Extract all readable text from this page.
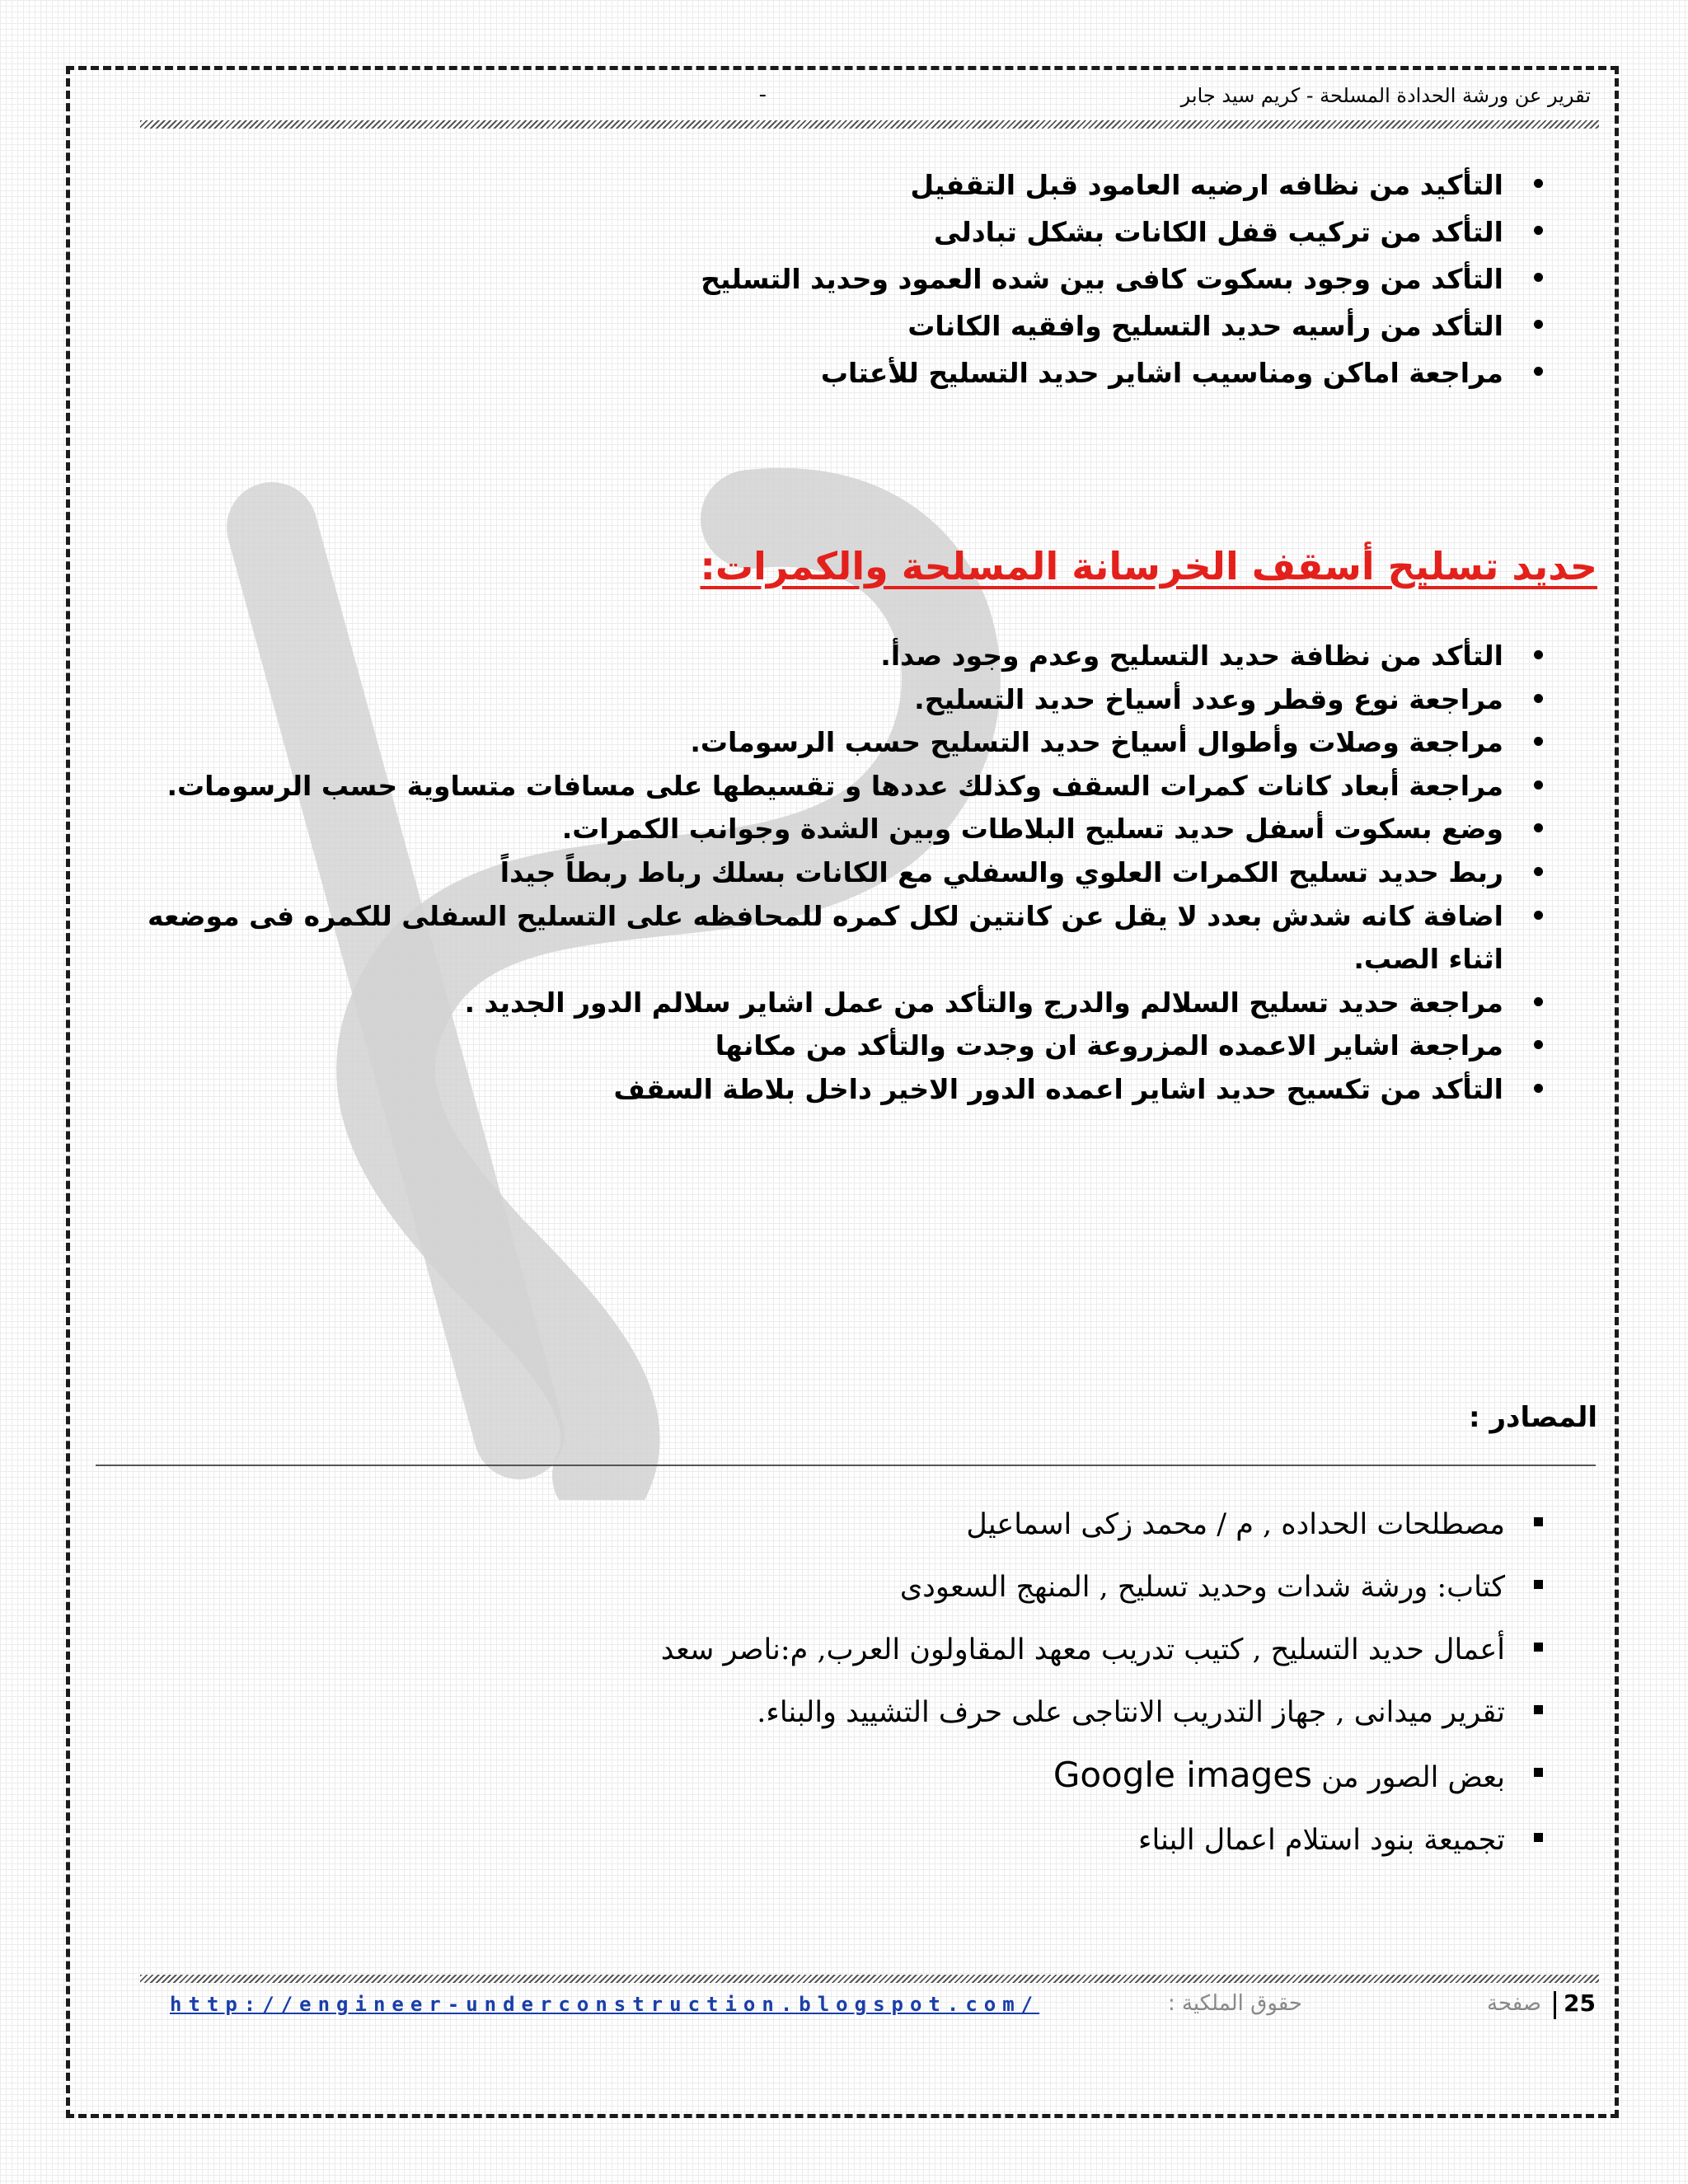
تقرير عن ورشة الحدادة المسلحة - كريم سيد جابر
-
التأكيد من نظافه ارضيه العامود قبل التقفيل
التأكد من تركيب قفل الكانات بشكل تبادلى
التأكد من وجود بسكوت كافى بين شده العمود وحديد التسليح
التأكد من رأسيه حديد التسليح وافقيه الكانات
مراجعة اماكن ومناسيب اشاير حديد التسليح للأعتاب
حديد تسليح أسقف الخرسانة المسلحة والكمرات:
التأكد من نظافة حديد التسليح وعدم وجود صدأ.
مراجعة نوع وقطر وعدد أسياخ حديد التسليح.
مراجعة وصلات وأطوال أسياخ حديد التسليح حسب الرسومات.
مراجعة أبعاد كانات كمرات السقف وكذلك عددها و تقسيطها على مسافات متساوية حسب الرسومات.
وضع بسكوت أسفل حديد تسليح البلاطات وبين الشدة وجوانب الكمرات.
ربط حديد تسليح الكمرات العلوي والسفلي مع الكانات بسلك رباط ربطاً جيداً
اضافة كانه شدش بعدد لا يقل عن كانتين لكل كمره للمحافظه على التسليح السفلى للكمره فى موضعه اثناء الصب.
مراجعة حديد تسليح السلالم والدرج والتأكد من عمل اشاير سلالم الدور الجديد .
مراجعة اشاير الاعمده المزروعة ان وجدت والتأكد من مكانها
التأكد من تكسيح حديد اشاير اعمده الدور الاخير داخل بلاطة السقف
المصادر :
مصطلحات الحداده , م / محمد زكى اسماعيل
كتاب: ورشة شدات وحديد تسليح , المنهج السعودى
أعمال حديد التسليح , كتيب تدريب معهد المقاولون العرب, م:ناصر سعد
تقرير ميدانى , جهاز التدريب الانتاجى على حرف التشييد والبناء.
بعض الصور من Google images
تجميعة بنود استلام اعمال البناء
25
صفحة
حقوق الملكية :
http://engineer-underconstruction.blogspot.com/
